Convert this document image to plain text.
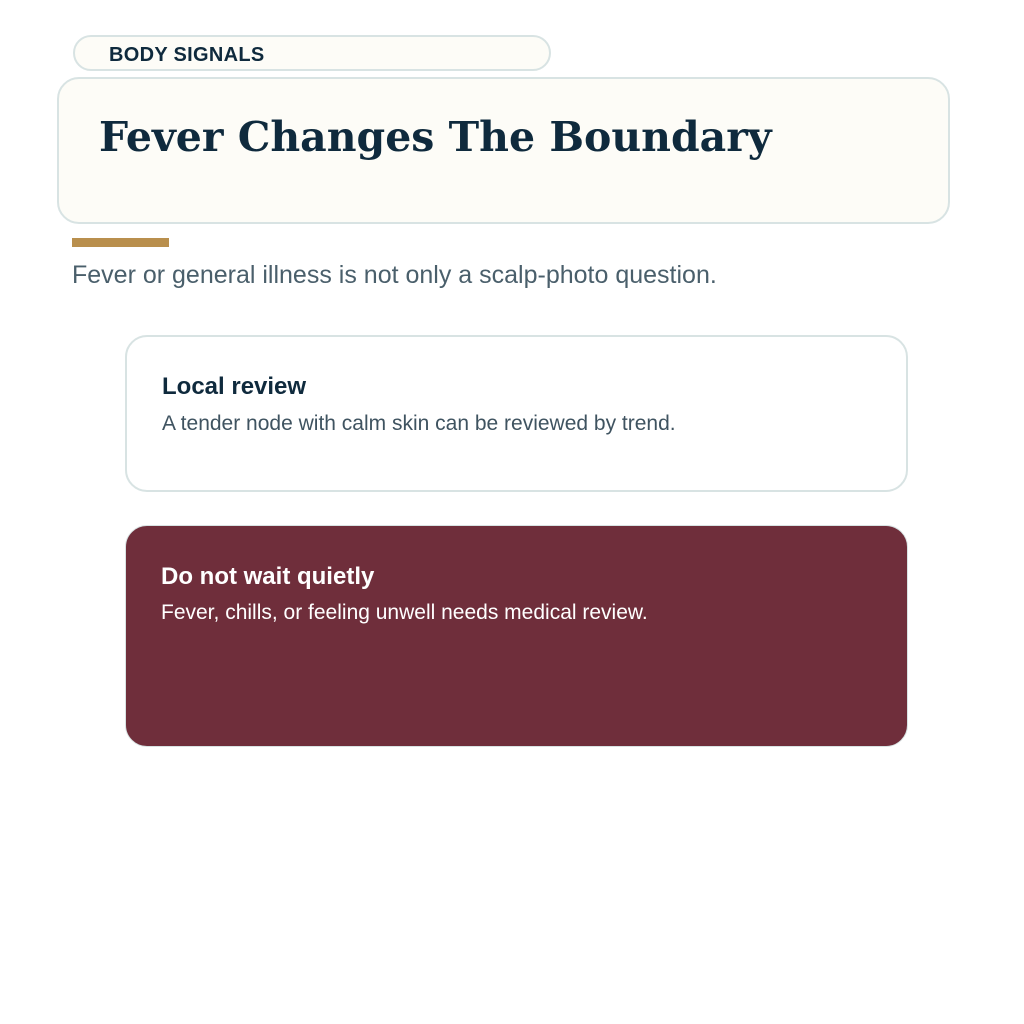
BODY SIGNALS
Fever Changes The Boundary
Fever or general illness is not only a scalp-photo question.
Local review

A tender node with calm skin can be reviewed by trend.

Do not wait quietly

Fever, chills, or feeling unwell needs medical review.
